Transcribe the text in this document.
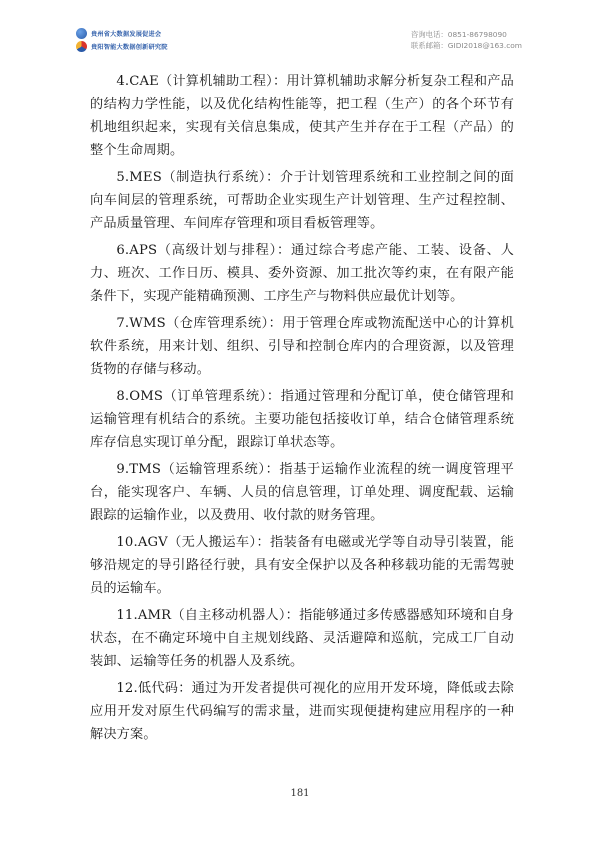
贵州省大数据发展促进会
贵阳智能大数据创新研究院
咨询电话：0851-86798090
联系邮箱：GIDI2018@163.com

4.CAE（计算机辅助工程）：用计算机辅助求解分析复杂工程和产品的结构力学性能，以及优化结构性能等，把工程（生产）的各个环节有机地组织起来，实现有关信息集成，使其产生并存在于工程（产品）的整个生命周期。

5.MES（制造执行系统）：介于计划管理系统和工业控制之间的面向车间层的管理系统，可帮助企业实现生产计划管理、生产过程控制、产品质量管理、车间库存管理和项目看板管理等。

6.APS（高级计划与排程）：通过综合考虑产能、工装、设备、人力、班次、工作日历、模具、委外资源、加工批次等约束，在有限产能条件下，实现产能精确预测、工序生产与物料供应最优计划等。

7.WMS（仓库管理系统）：用于管理仓库或物流配送中心的计算机软件系统，用来计划、组织、引导和控制仓库内的合理资源，以及管理货物的存储与移动。

8.OMS（订单管理系统）：指通过管理和分配订单，使仓储管理和运输管理有机结合的系统。主要功能包括接收订单，结合仓储管理系统库存信息实现订单分配，跟踪订单状态等。

9.TMS（运输管理系统）：指基于运输作业流程的统一调度管理平台，能实现客户、车辆、人员的信息管理，订单处理、调度配载、运输跟踪的运输作业，以及费用、收付款的财务管理。

10.AGV（无人搬运车）：指装备有电磁或光学等自动导引装置，能够沿规定的导引路径行驶，具有安全保护以及各种移载功能的无需驾驶员的运输车。

11.AMR（自主移动机器人）：指能够通过多传感器感知环境和自身状态，在不确定环境中自主规划线路、灵活避障和巡航，完成工厂自动装卸、运输等任务的机器人及系统。

12.低代码：通过为开发者提供可视化的应用开发环境，降低或去除应用开发对原生代码编写的需求量，进而实现便捷构建应用程序的一种解决方案。

181
